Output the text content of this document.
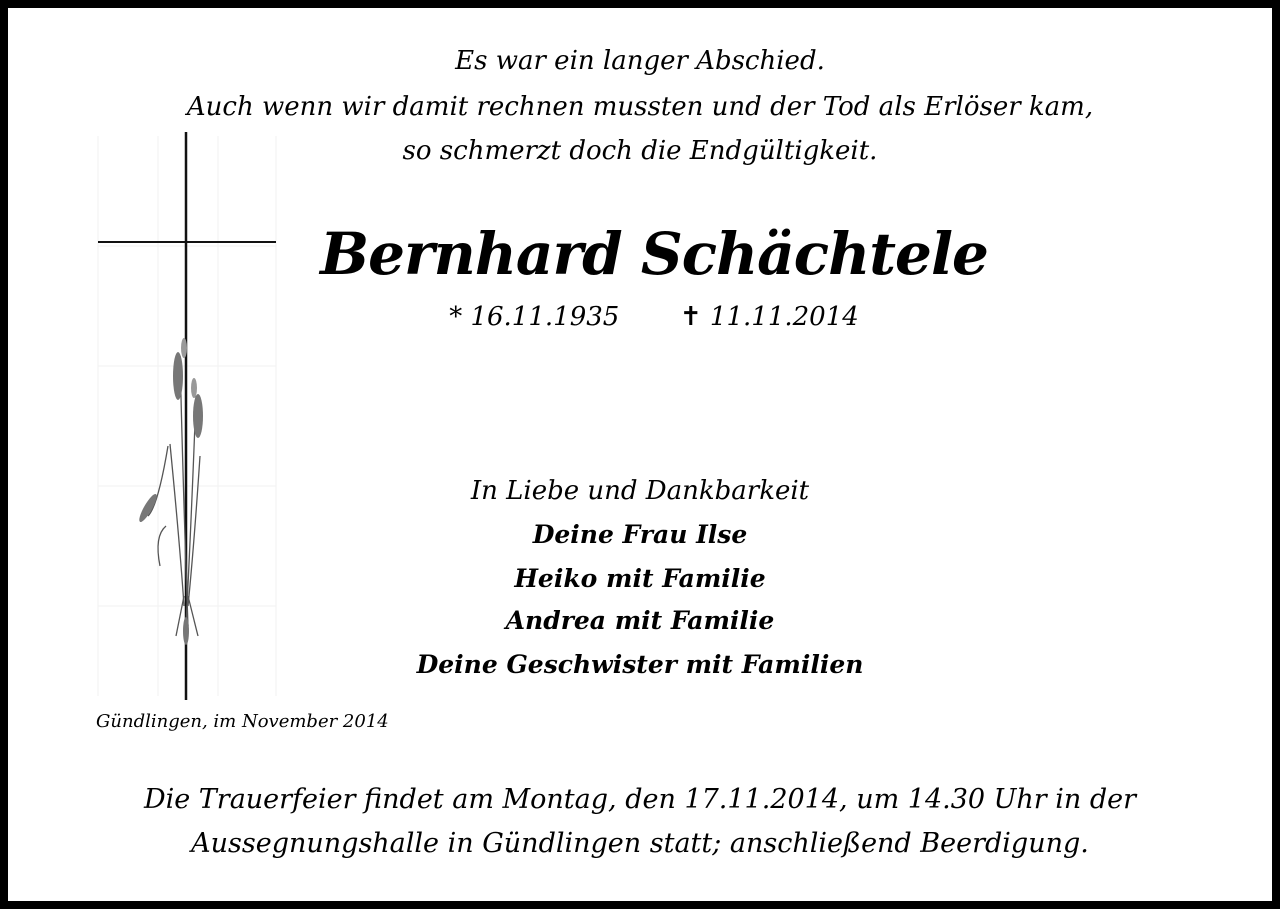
Es war ein langer Abschied.
Auch wenn wir damit rechnen mussten und der Tod als Erlöser kam,
so schmerzt doch die Endgültigkeit.
Bernhard Schächtele
* 16.11.1935 ✝ 11.11.2014
In Liebe und Dankbarkeit
Deine Frau Ilse
Heiko mit Familie
Andrea mit Familie
Deine Geschwister mit Familien
Gündlingen, im November 2014
Die Trauerfeier findet am Montag, den 17.11.2014, um 14.30 Uhr in der
Aussegnungshalle in Gündlingen statt; anschließend Beerdigung.
